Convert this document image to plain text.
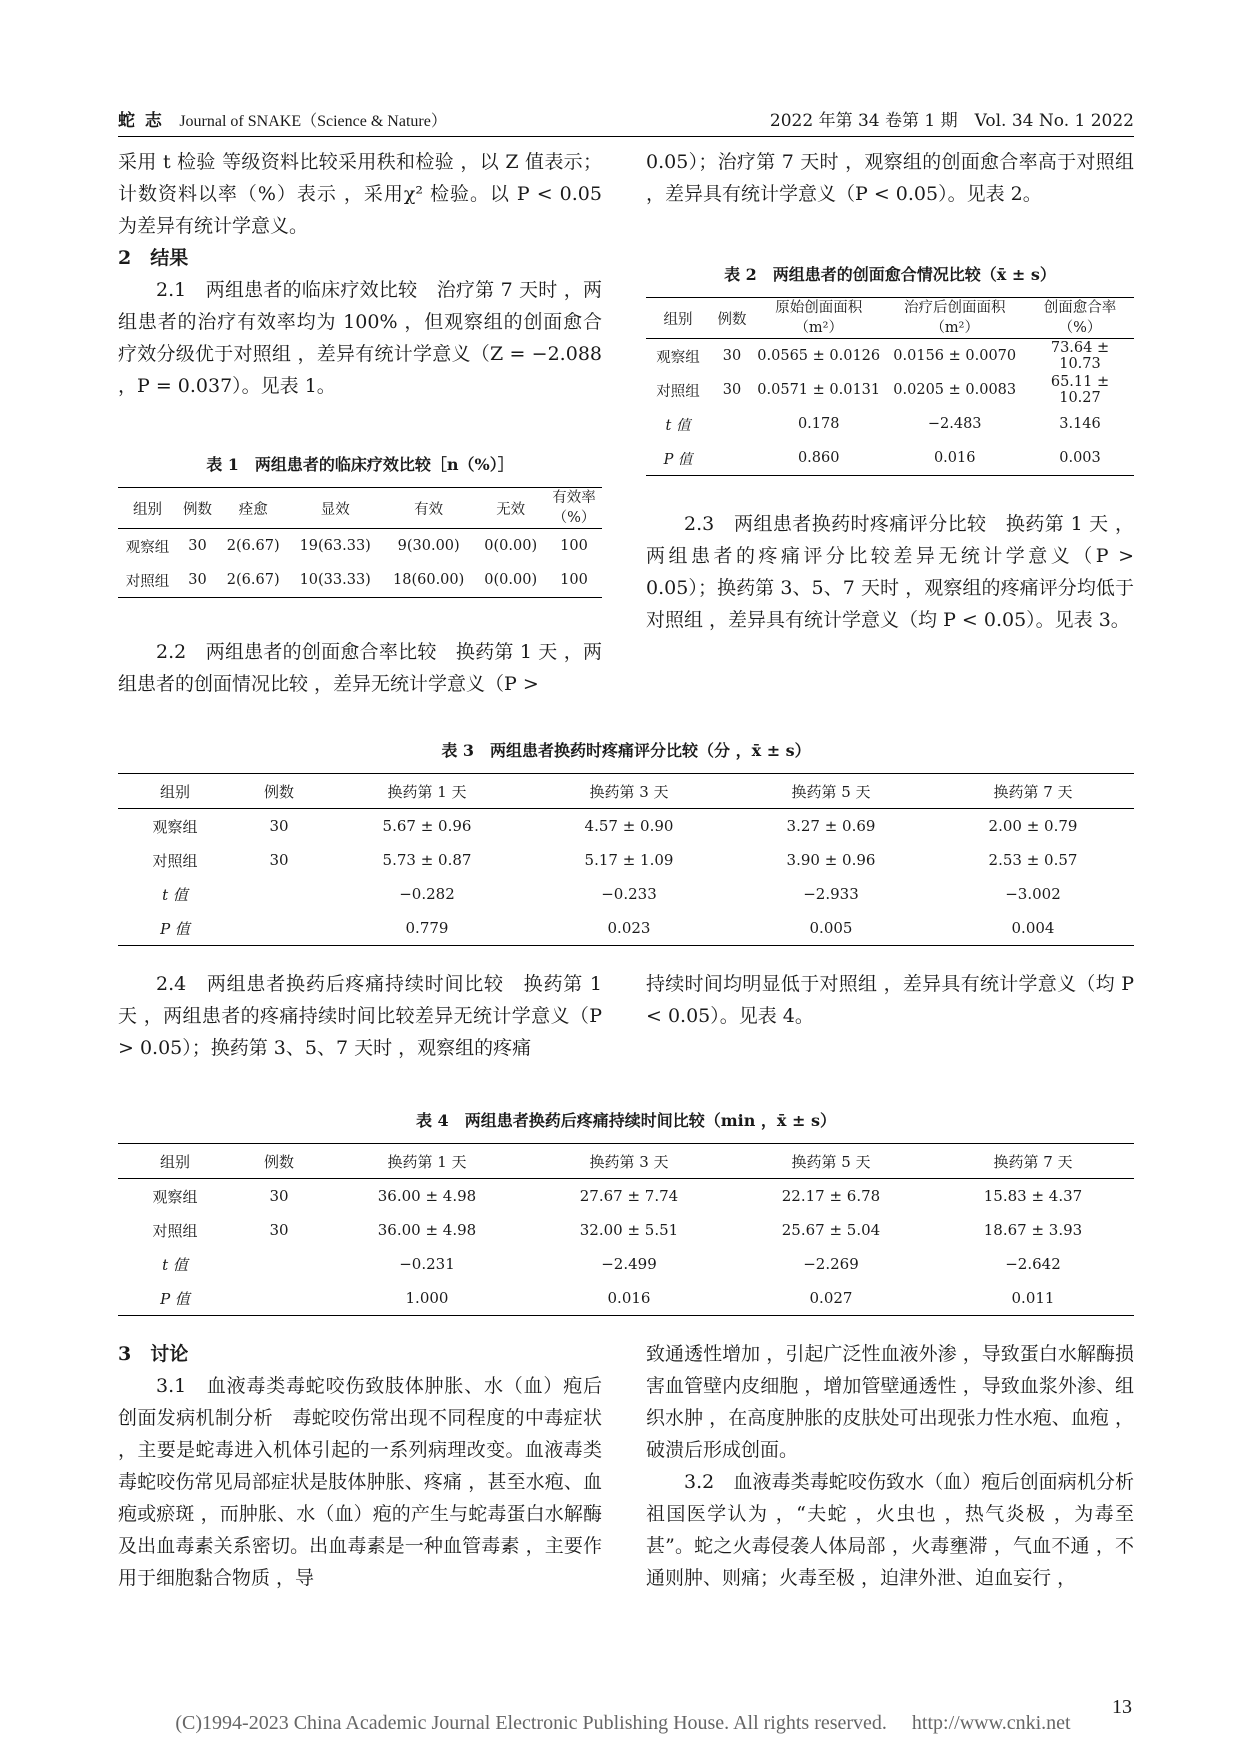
蛇 志 Journal of SNAKE（Science & Nature）	2022 年第 34 卷第 1 期　Vol. 34 No. 1 2022

采用 t 检验 等级资料比较采用秩和检验 ，以 Z 值表示；计数资料以率（%）表示 ，采用χ² 检验。以 P < 0.05 为差异有统计学意义。

2　结果

2.1　两组患者的临床疗效比较　治疗第 7 天时 ，两组患者的治疗有效率均为 100% ，但观察组的创面愈合疗效分级优于对照组 ，差异有统计学意义（Z = −2.088 ，P = 0.037）。见表 1。

表 1　两组患者的临床疗效比较［n（%）］
组别	例数	痊愈	显效	有效	无效	有效率（%）
观察组	30	2(6.67)	19(63.33)	9(30.00)	0(0.00)	100
对照组	30	2(6.67)	10(33.33)	18(60.00)	0(0.00)	100

2.2　两组患者的创面愈合率比较　换药第 1 天 ，两组患者的创面情况比较 ，差异无统计学意义（P >

0.05）；治疗第 7 天时 ，观察组的创面愈合率高于对照组 ，差异具有统计学意义（P < 0.05）。见表 2。

表 2　两组患者的创面愈合情况比较（x̄ ± s）
组别	例数	原始创面面积（m²）	治疗后创面面积（m²）	创面愈合率（%）
观察组	30	0.0565 ± 0.0126	0.0156 ± 0.0070	73.64 ± 10.73
对照组	30	0.0571 ± 0.0131	0.0205 ± 0.0083	65.11 ± 10.27
t 值		0.178	−2.483	3.146
P 值		0.860	0.016	0.003

2.3　两组患者换药时疼痛评分比较　换药第 1 天 ，两组患者的疼痛评分比较差异无统计学意义（P > 0.05）；换药第 3、5、7 天时 ，观察组的疼痛评分均低于对照组 ，差异具有统计学意义（均 P < 0.05）。见表 3。

表 3　两组患者换药时疼痛评分比较（分 ，x̄ ± s）
组别	例数	换药第 1 天	换药第 3 天	换药第 5 天	换药第 7 天
观察组	30	5.67 ± 0.96	4.57 ± 0.90	3.27 ± 0.69	2.00 ± 0.79
对照组	30	5.73 ± 0.87	5.17 ± 1.09	3.90 ± 0.96	2.53 ± 0.57
t 值		−0.282	−0.233	−2.933	−3.002
P 值		0.779	0.023	0.005	0.004

2.4　两组患者换药后疼痛持续时间比较　换药第 1 天 ，两组患者的疼痛持续时间比较差异无统计学意义（P > 0.05）；换药第 3、5、7 天时 ，观察组的疼痛

持续时间均明显低于对照组 ，差异具有统计学意义（均 P < 0.05）。见表 4。

表 4　两组患者换药后疼痛持续时间比较（min ，x̄ ± s）
组别	例数	换药第 1 天	换药第 3 天	换药第 5 天	换药第 7 天
观察组	30	36.00 ± 4.98	27.67 ± 7.74	22.17 ± 6.78	15.83 ± 4.37
对照组	30	36.00 ± 4.98	32.00 ± 5.51	25.67 ± 5.04	18.67 ± 3.93
t 值		−0.231	−2.499	−2.269	−2.642
P 值		1.000	0.016	0.027	0.011

3　讨论

3.1　血液毒类毒蛇咬伤致肢体肿胀、水（血）疱后创面发病机制分析　毒蛇咬伤常出现不同程度的中毒症状 ，主要是蛇毒进入机体引起的一系列病理改变。血液毒类毒蛇咬伤常见局部症状是肢体肿胀、疼痛 ，甚至水疱、血疱或瘀斑 ，而肿胀、水（血）疱的产生与蛇毒蛋白水解酶及出血毒素关系密切。出血毒素是一种血管毒素 ，主要作用于细胞黏合物质 ，导

致通透性增加 ，引起广泛性血液外渗 ，导致蛋白水解酶损害血管壁内皮细胞 ，增加管壁通透性 ，导致血浆外渗、组织水肿 ，在高度肿胀的皮肤处可出现张力性水疱、血疱 ，破溃后形成创面。

3.2　血液毒类毒蛇咬伤致水（血）疱后创面病机分析　祖国医学认为 ，“夫蛇 ，火虫也 ，热气炎极 ，为毒至甚”。蛇之火毒侵袭人体局部 ，火毒壅滞 ，气血不通 ，不通则肿、则痛；火毒至极 ，迫津外泄、迫血妄行 ，

13
(C)1994-2023 China Academic Journal Electronic Publishing House. All rights reserved.　 http://www.cnki.net
